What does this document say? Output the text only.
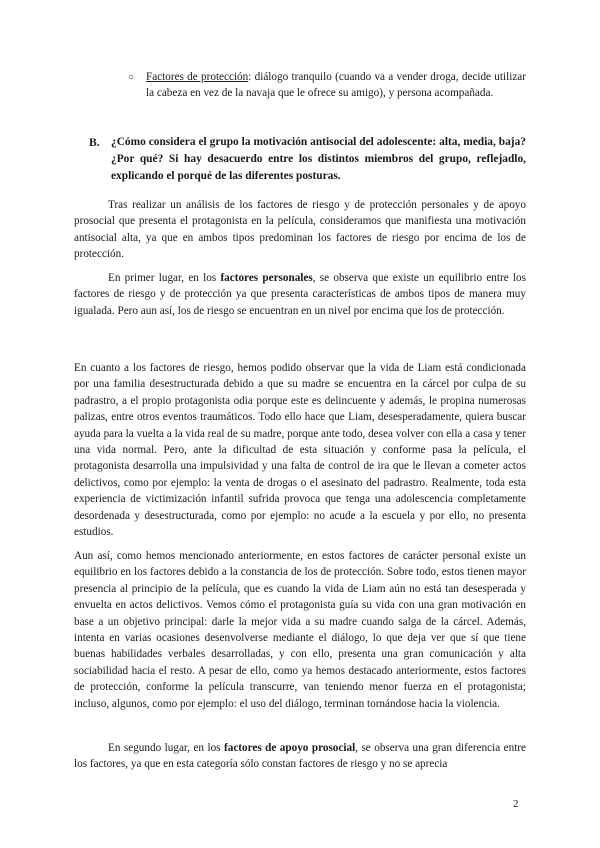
○ Factores de protección: diálogo tranquilo (cuando va a vender droga, decide utilizar la cabeza en vez de la navaja que le ofrece su amigo), y persona acompañada.

B. ¿Cómo considera el grupo la motivación antisocial del adolescente: alta, media, baja? ¿Por qué? Si hay desacuerdo entre los distintos miembros del grupo, reflejadlo, explicando el porqué de las diferentes posturas.

Tras realizar un análisis de los factores de riesgo y de protección personales y de apoyo prosocial que presenta el protagonista en la película, consideramos que manifiesta una motivación antisocial alta, ya que en ambos tipos predominan los factores de riesgo por encima de los de protección.

En primer lugar, en los factores personales, se observa que existe un equilibrio entre los factores de riesgo y de protección ya que presenta características de ambos tipos de manera muy igualada. Pero aun así, los de riesgo se encuentran en un nivel por encima que los de protección.

En cuanto a los factores de riesgo, hemos podido observar que la vida de Liam está condicionada por una familia desestructurada debido a que su madre se encuentra en la cárcel por culpa de su padrastro, a el propio protagonista odia porque este es delincuente y además, le propina numerosas palizas, entre otros eventos traumáticos. Todo ello hace que Liam, desesperadamente, quiera buscar ayuda para la vuelta a la vida real de su madre, porque ante todo, desea volver con ella a casa y tener una vida normal. Pero, ante la dificultad de esta situación y conforme pasa la película, el protagonista desarrolla una impulsividad y una falta de control de ira que le llevan a cometer actos delictivos, como por ejemplo: la venta de drogas o el asesinato del padrastro. Realmente, toda esta experiencia de victimización infantil sufrida provoca que tenga una adolescencia completamente desordenada y desestructurada, como por ejemplo: no acude a la escuela y por ello, no presenta estudios.

Aun así, como hemos mencionado anteriormente, en estos factores de carácter personal existe un equilibrio en los factores debido a la constancia de los de protección. Sobre todo, estos tienen mayor presencia al principio de la película, que es cuando la vida de Liam aún no está tan desesperada y envuelta en actos delictivos. Vemos cómo el protagonista guía su vida con una gran motivación en base a un objetivo principal: darle la mejor vida a su madre cuando salga de la cárcel. Además, intenta en varias ocasiones desenvolverse mediante el diálogo, lo que deja ver que sí que tiene buenas habilidades verbales desarrolladas, y con ello, presenta una gran comunicación y alta sociabilidad hacia el resto. A pesar de ello, como ya hemos destacado anteriormente, estos factores de protección, conforme la película transcurre, van teniendo menor fuerza en el protagonista; incluso, algunos, como por ejemplo: el uso del diálogo, terminan tornándose hacia la violencia.

En segundo lugar, en los factores de apoyo prosocial, se observa una gran diferencia entre los factores, ya que en esta categoría sólo constan factores de riesgo y no se aprecia

2
